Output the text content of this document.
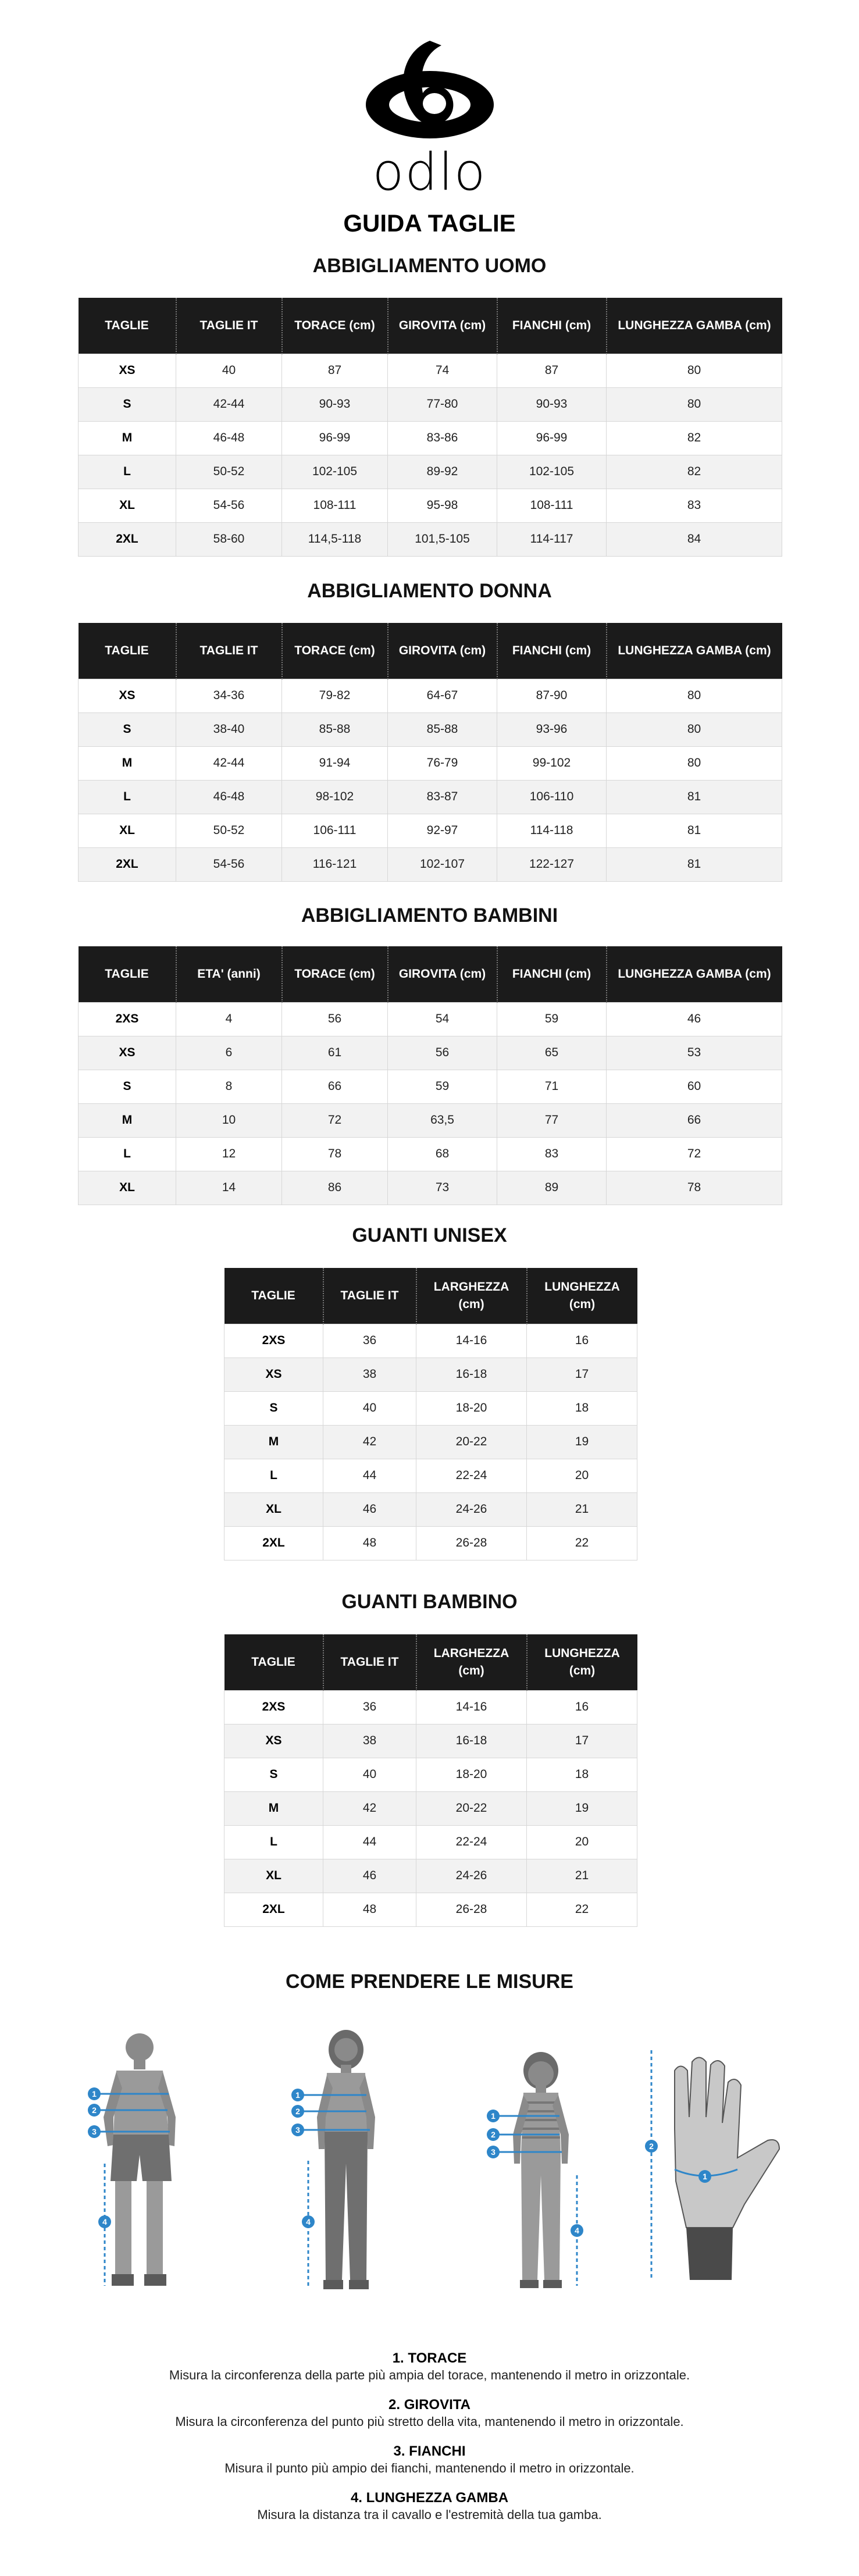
odlo
GUIDA TAGLIE
ABBIGLIAMENTO UOMO
TAGLIE	TAGLIE IT	TORACE (cm)	GIROVITA (cm)	FIANCHI (cm)	LUNGHEZZA GAMBA (cm)
XS	40	87	74	87	80
S	42-44	90-93	77-80	90-93	80
M	46-48	96-99	83-86	96-99	82
L	50-52	102-105	89-92	102-105	82
XL	54-56	108-111	95-98	108-111	83
2XL	58-60	114,5-118	101,5-105	114-117	84
ABBIGLIAMENTO DONNA
TAGLIE	TAGLIE IT	TORACE (cm)	GIROVITA (cm)	FIANCHI (cm)	LUNGHEZZA GAMBA (cm)
XS	34-36	79-82	64-67	87-90	80
S	38-40	85-88	85-88	93-96	80
M	42-44	91-94	76-79	99-102	80
L	46-48	98-102	83-87	106-110	81
XL	50-52	106-111	92-97	114-118	81
2XL	54-56	116-121	102-107	122-127	81
ABBIGLIAMENTO BAMBINI
TAGLIE	ETA' (anni)	TORACE (cm)	GIROVITA (cm)	FIANCHI (cm)	LUNGHEZZA GAMBA (cm)
2XS	4	56	54	59	46
XS	6	61	56	65	53
S	8	66	59	71	60
M	10	72	63,5	77	66
L	12	78	68	83	72
XL	14	86	73	89	78
GUANTI UNISEX
TAGLIE	TAGLIE IT	LARGHEZZA (cm)	LUNGHEZZA (cm)
2XS	36	14-16	16
XS	38	16-18	17
S	40	18-20	18
M	42	20-22	19
L	44	22-24	20
XL	46	24-26	21
2XL	48	26-28	22
GUANTI BAMBINO
TAGLIE	TAGLIE IT	LARGHEZZA (cm)	LUNGHEZZA (cm)
2XS	36	14-16	16
XS	38	16-18	17
S	40	18-20	18
M	42	20-22	19
L	44	22-24	20
XL	46	24-26	21
2XL	48	26-28	22
COME PRENDERE LE MISURE
1
2
3
4
1
2
3
4
1
2
3
4
2
1
1. TORACE
Misura la circonferenza della parte più ampia del torace, mantenendo il metro in orizzontale.
2. GIROVITA
Misura la circonferenza del punto più stretto della vita, mantenendo il metro in orizzontale.
3. FIANCHI
Misura il punto più ampio dei fianchi, mantenendo il metro in orizzontale.
4. LUNGHEZZA GAMBA
Misura la distanza tra il cavallo e l'estremità della tua gamba.
